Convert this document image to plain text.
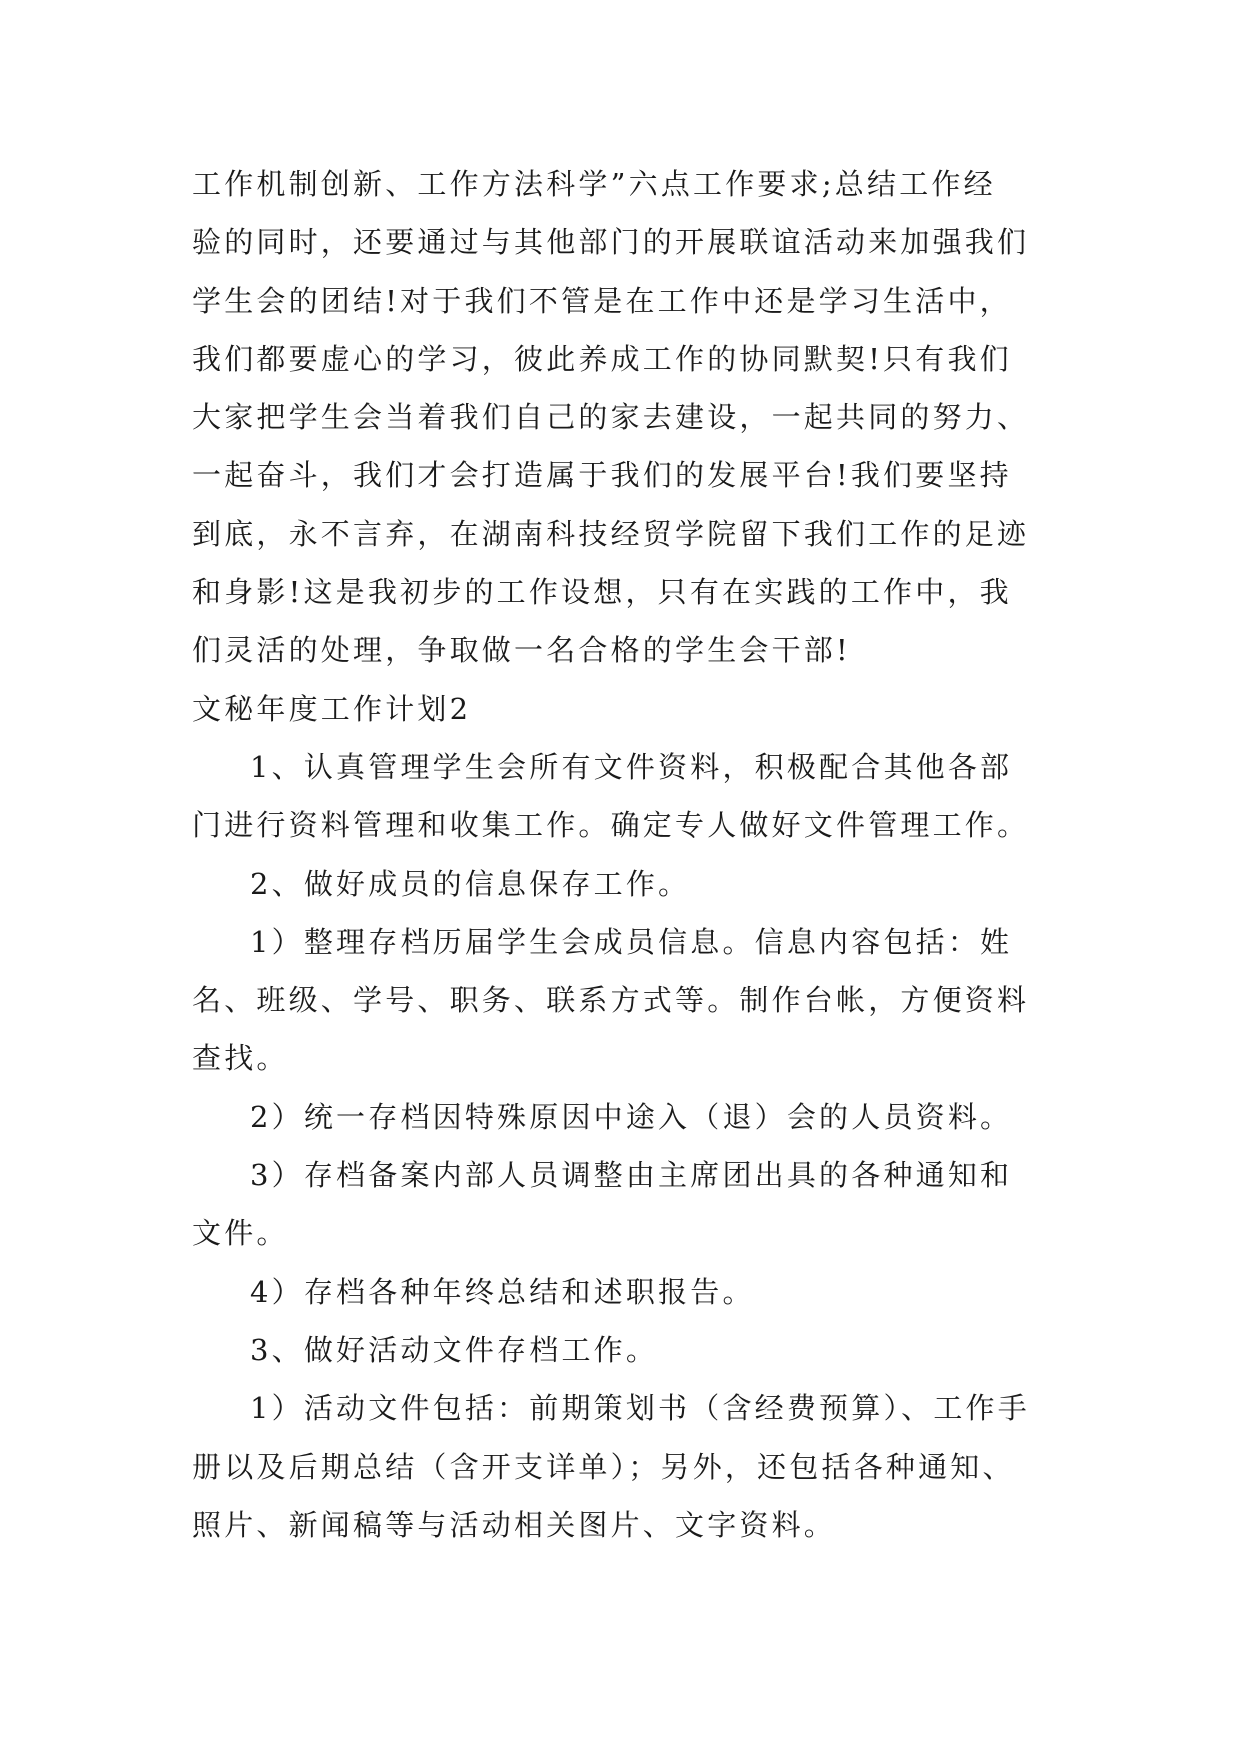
工作机制创新、工作方法科学”六点工作要求;总结工作经
验的同时，还要通过与其他部门的开展联谊活动来加强我们
学生会的团结!对于我们不管是在工作中还是学习生活中，
我们都要虚心的学习，彼此养成工作的协同默契!只有我们
大家把学生会当着我们自己的家去建设，一起共同的努力、
一起奋斗，我们才会打造属于我们的发展平台!我们要坚持
到底，永不言弃，在湖南科技经贸学院留下我们工作的足迹
和身影!这是我初步的工作设想，只有在实践的工作中，我
们灵活的处理，争取做一名合格的学生会干部!
文秘年度工作计划2
1、认真管理学生会所有文件资料，积极配合其他各部
门进行资料管理和收集工作。确定专人做好文件管理工作。
2、做好成员的信息保存工作。
1）整理存档历届学生会成员信息。信息内容包括：姓
名、班级、学号、职务、联系方式等。制作台帐，方便资料
查找。
2）统一存档因特殊原因中途入（退）会的人员资料。
3）存档备案内部人员调整由主席团出具的各种通知和
文件。
4）存档各种年终总结和述职报告。
3、做好活动文件存档工作。
1）活动文件包括：前期策划书（含经费预算）、工作手
册以及后期总结（含开支详单）；另外，还包括各种通知、
照片、新闻稿等与活动相关图片、文字资料。
